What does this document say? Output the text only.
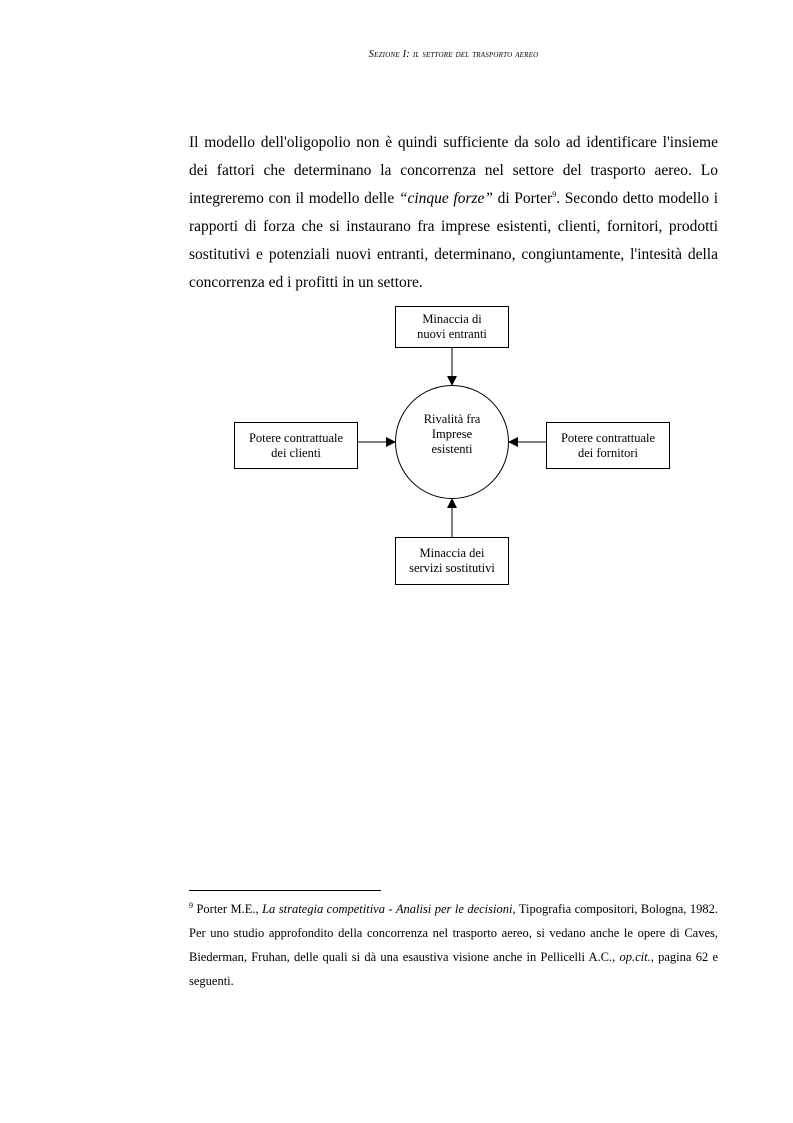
Sezione I: il settore del trasporto aereo

Il modello dell'oligopolio non è quindi sufficiente da solo ad identificare l'insieme dei fattori che determinano la concorrenza nel settore del trasporto aereo. Lo integreremo con il modello delle “cinque forze” di Porter$^9$. Secondo detto modello i rapporti di forza che si instaurano fra imprese esistenti, clienti, fornitori, prodotti sostitutivi e potenziali nuovi entranti, determinano, congiuntamente, l'intesità della concorrenza ed i profitti in un settore.

Minaccia di
nuovi entranti
Potere contrattuale
dei clienti
Potere contrattuale
dei fornitori
Minaccia dei
servizi sostitutivi
Rivalità fra
Imprese
esistenti

$^9$ Porter M.E., La strategia competitiva - Analisi per le decisioni, Tipografia compositori, Bologna, 1982. Per uno studio approfondito della concorrenza nel trasporto aereo, si vedano anche le opere di Caves, Biederman, Fruhan, delle quali si dà una esaustiva visione anche in Pellicelli A.C., op.cit., pagina 62 e seguenti.
